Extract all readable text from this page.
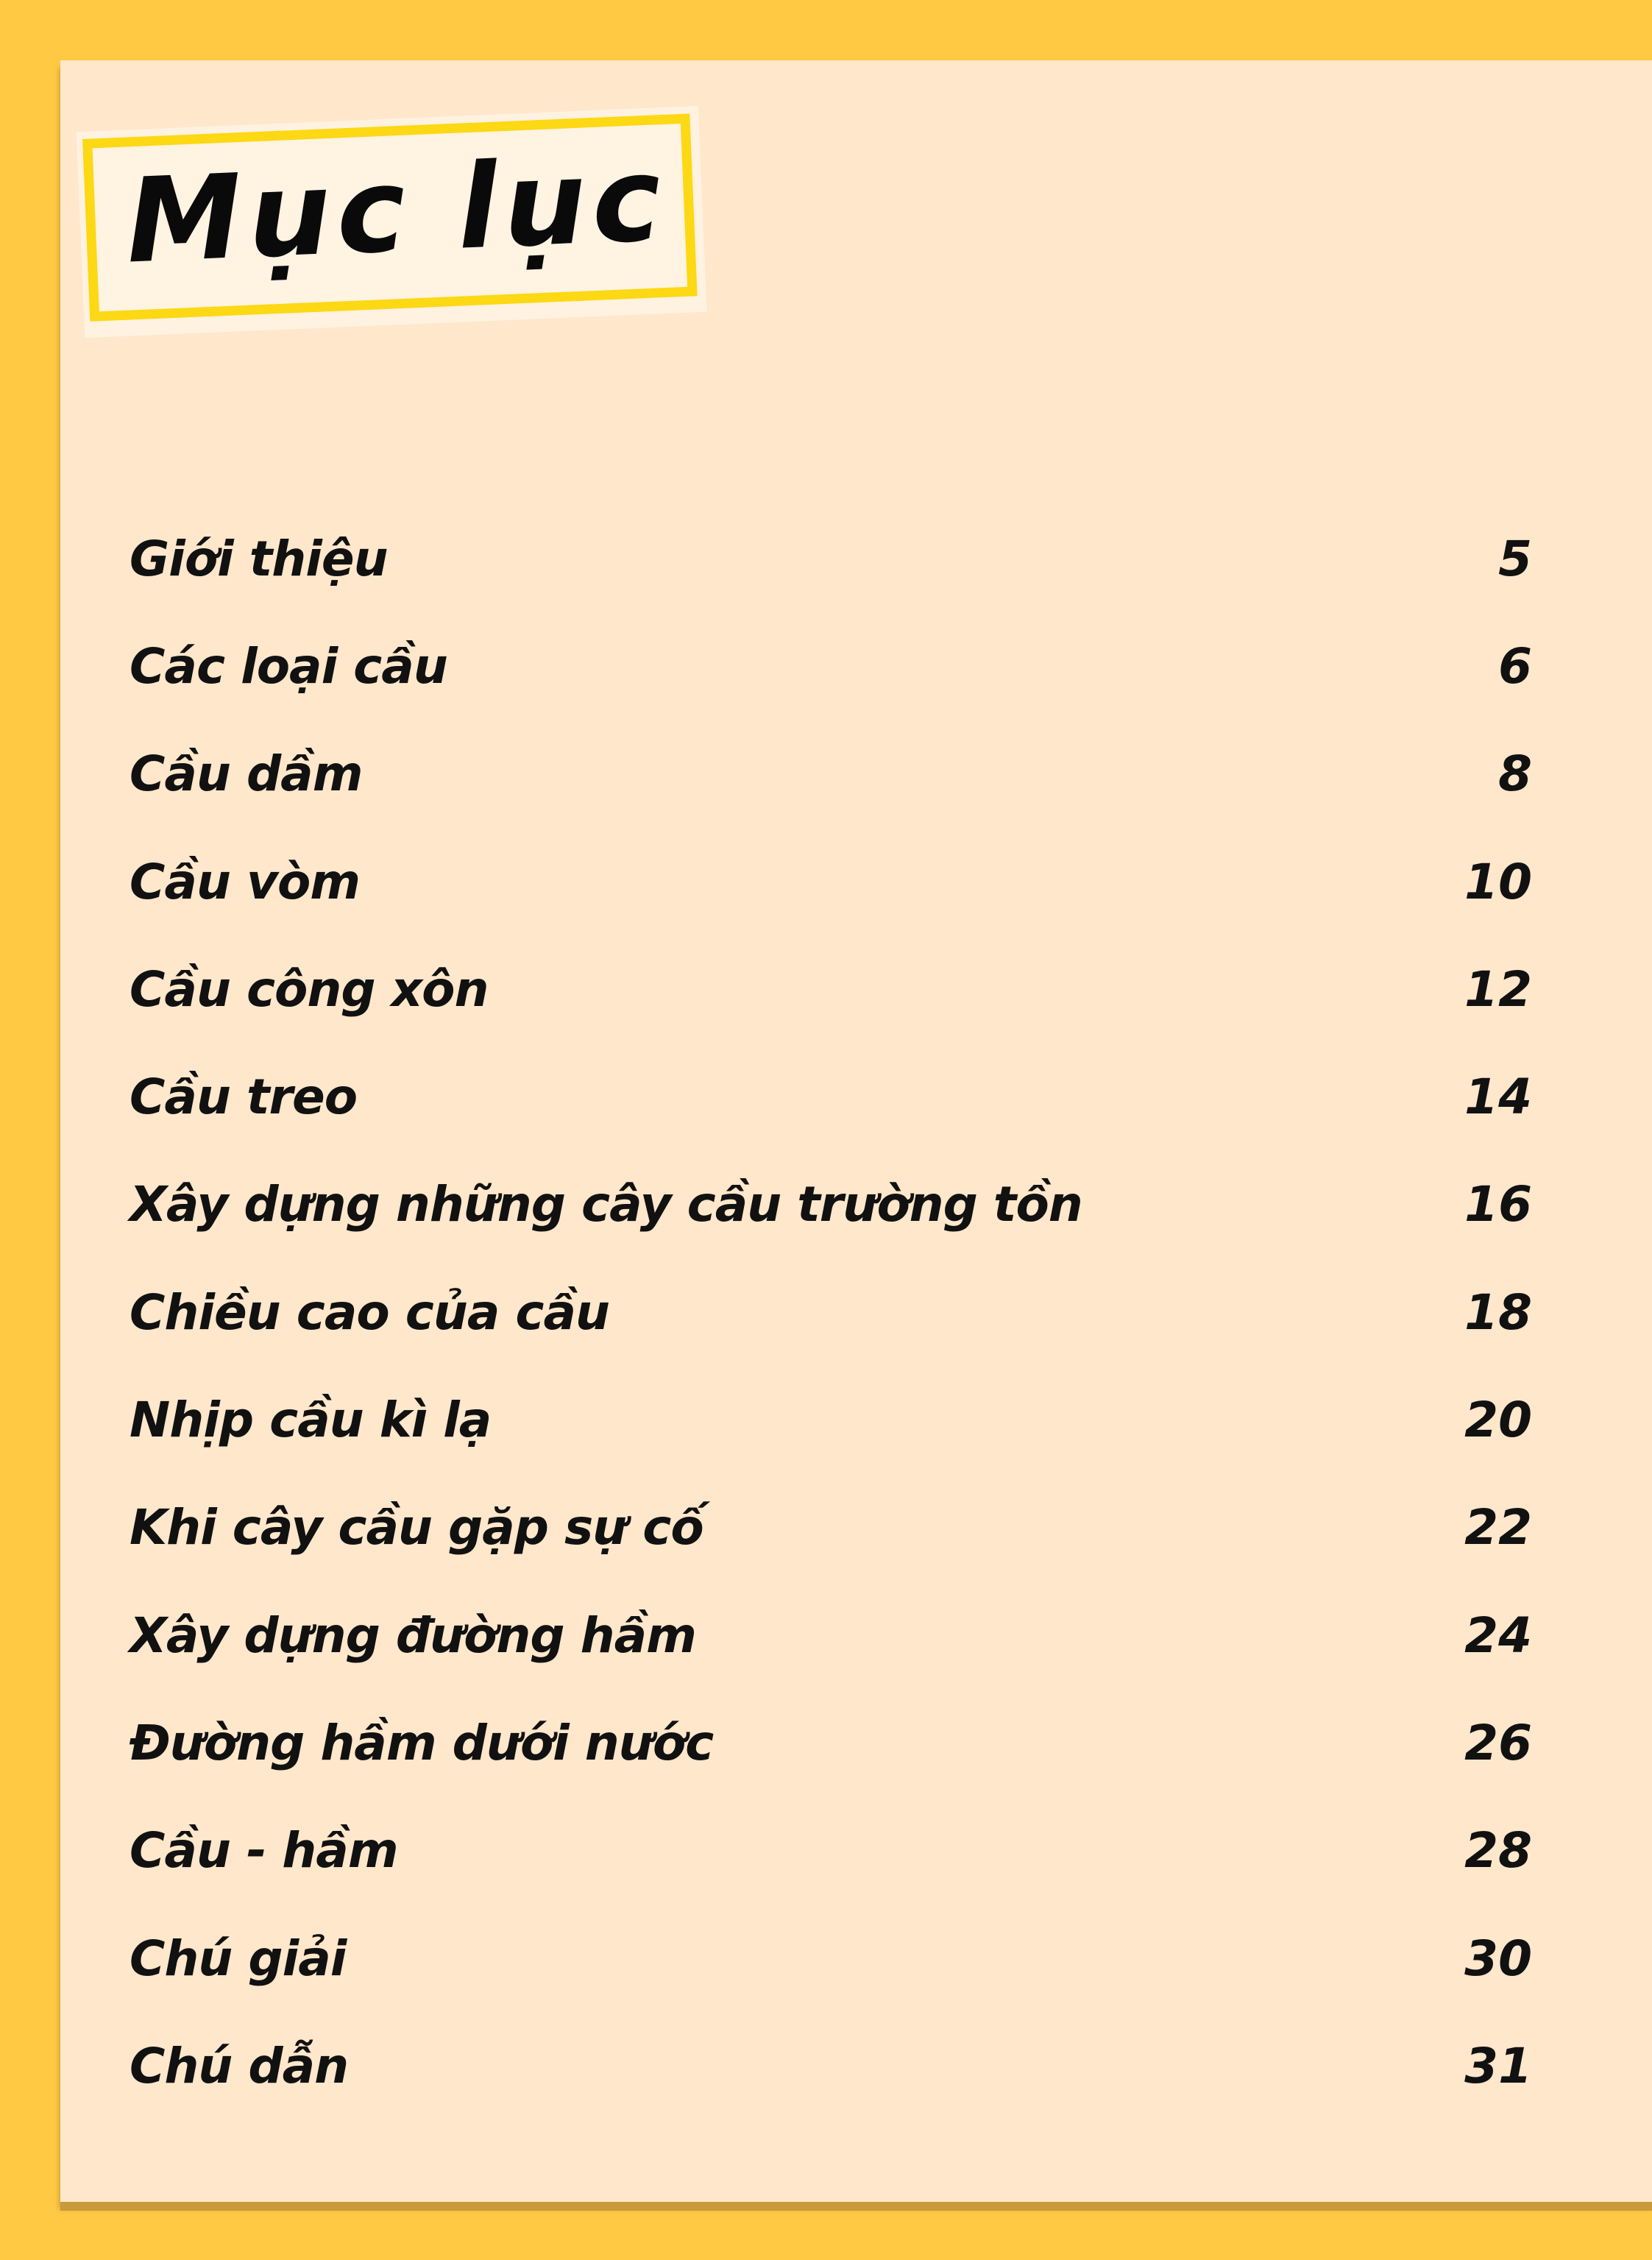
Mục lục
Giới thiệu	5
Các loại cầu	6
Cầu dầm	8
Cầu vòm	10
Cầu công xôn	12
Cầu treo	14
Xây dựng những cây cầu trường tồn	16
Chiều cao của cầu	18
Nhịp cầu kì lạ	20
Khi cây cầu gặp sự cố	22
Xây dựng đường hầm	24
Đường hầm dưới nước	26
Cầu - hầm	28
Chú giải	30
Chú dẫn	31
